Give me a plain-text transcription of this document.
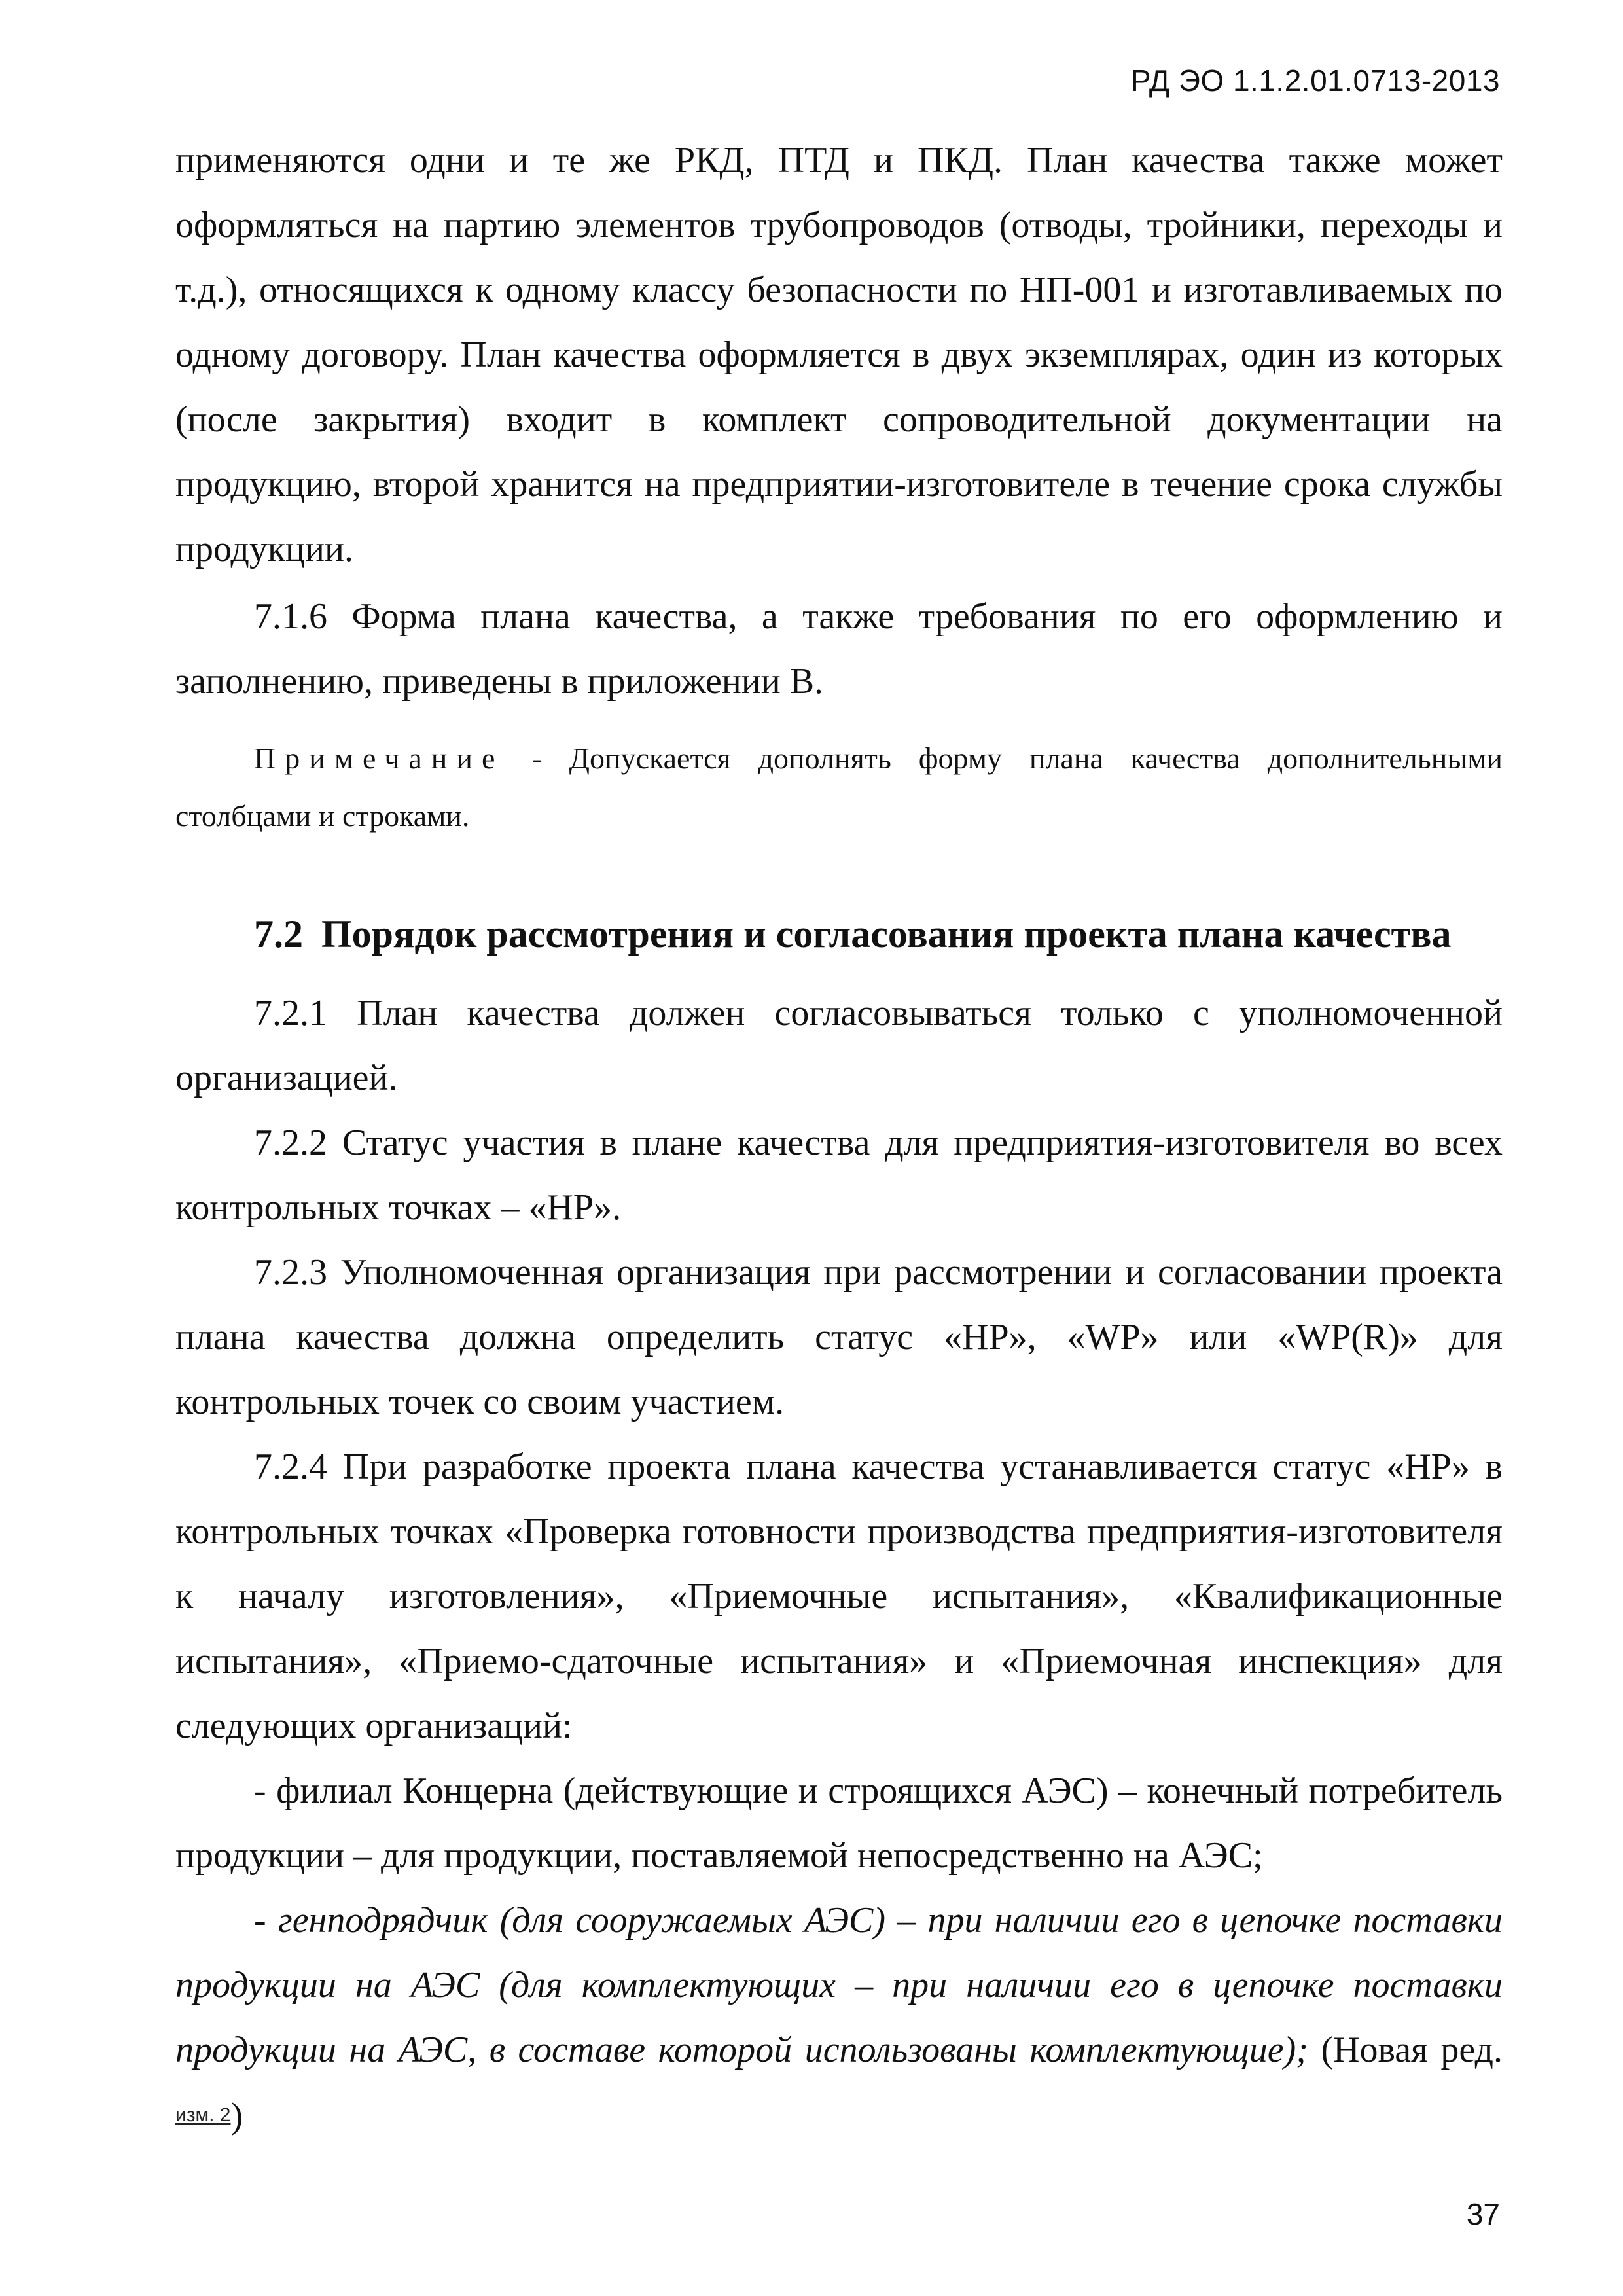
РД ЭО 1.1.2.01.0713-2013

применяются одни и те же РКД, ПТД и ПКД. План качества также может оформляться на партию элементов трубопроводов (отводы, тройники, переходы и т.д.), относящихся к одному классу безопасности по НП-001 и изготавливаемых по одному договору. План качества оформляется в двух экземплярах, один из которых (после закрытия) входит в комплект сопроводительной документации на продукцию, второй хранится на предприятии-изготовителе в течение срока службы продукции.

7.1.6 Форма плана качества, а также требования по его оформлению и заполнению, приведены в приложении В.

Примечание - Допускается дополнять форму плана качества дополнительными столбцами и строками.

7.2 Порядок рассмотрения и согласования проекта плана качества

7.2.1 План качества должен согласовываться только с уполномоченной организацией.

7.2.2 Статус участия в плане качества для предприятия-изготовителя во всех контрольных точках – «HP».

7.2.3 Уполномоченная организация при рассмотрении и согласовании проекта плана качества должна определить статус «HP», «WP» или «WP(R)» для контрольных точек со своим участием.

7.2.4 При разработке проекта плана качества устанавливается статус «HP» в контрольных точках «Проверка готовности производства предприятия-изготовителя к началу изготовления», «Приемочные испытания», «Квалификационные испытания», «Приемо-сдаточные испытания» и «Приемочная инспекция» для следующих организаций:

- филиал Концерна (действующие и строящихся АЭС) – конечный потребитель продукции – для продукции, поставляемой непосредственно на АЭС;

- генподрядчик (для сооружаемых АЭС) – при наличии его в цепочке поставки продукции на АЭС (для комплектующих – при наличии его в цепочке поставки продукции на АЭС, в составе которой использованы комплектующие); (Новая ред. изм. 2)

37
